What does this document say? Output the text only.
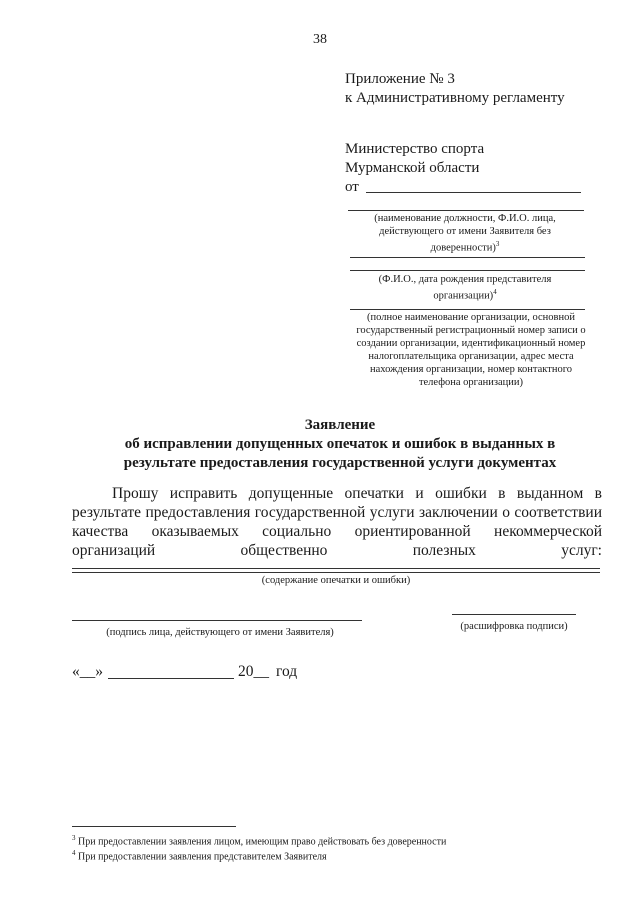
38
Приложение № 3
к Административному регламенту
Министерство спорта
Мурманской области
от
(наименование должности, Ф.И.О. лица,
действующего от имени Заявителя без
доверенности)$^3$
(Ф.И.О., дата рождения представителя
организации)$^4$
(полное наименование организации, основной
государственный регистрационный номер записи о
создании организации, идентификационный номер
налогоплательщика организации, адрес места
нахождения организации, номер контактного
телефона организации)
Заявление
об исправлении допущенных опечаток и ошибок в выданных в
результате предоставления государственной услуги документах
Прошу исправить допущенные опечатки и ошибки в выданном в
результате предоставления государственной услуги заключении о соответствии
качества оказываемых социально ориентированной некоммерческой
организаций	общественно	полезных	услуг:
(содержание опечатки и ошибки)
(подпись лица, действующего от имени Заявителя)
(расшифровка подписи)
«__»	20__ год
$^3$ При предоставлении заявления лицом, имеющим право действовать без доверенности
$^4$ При предоставлении заявления представителем Заявителя
